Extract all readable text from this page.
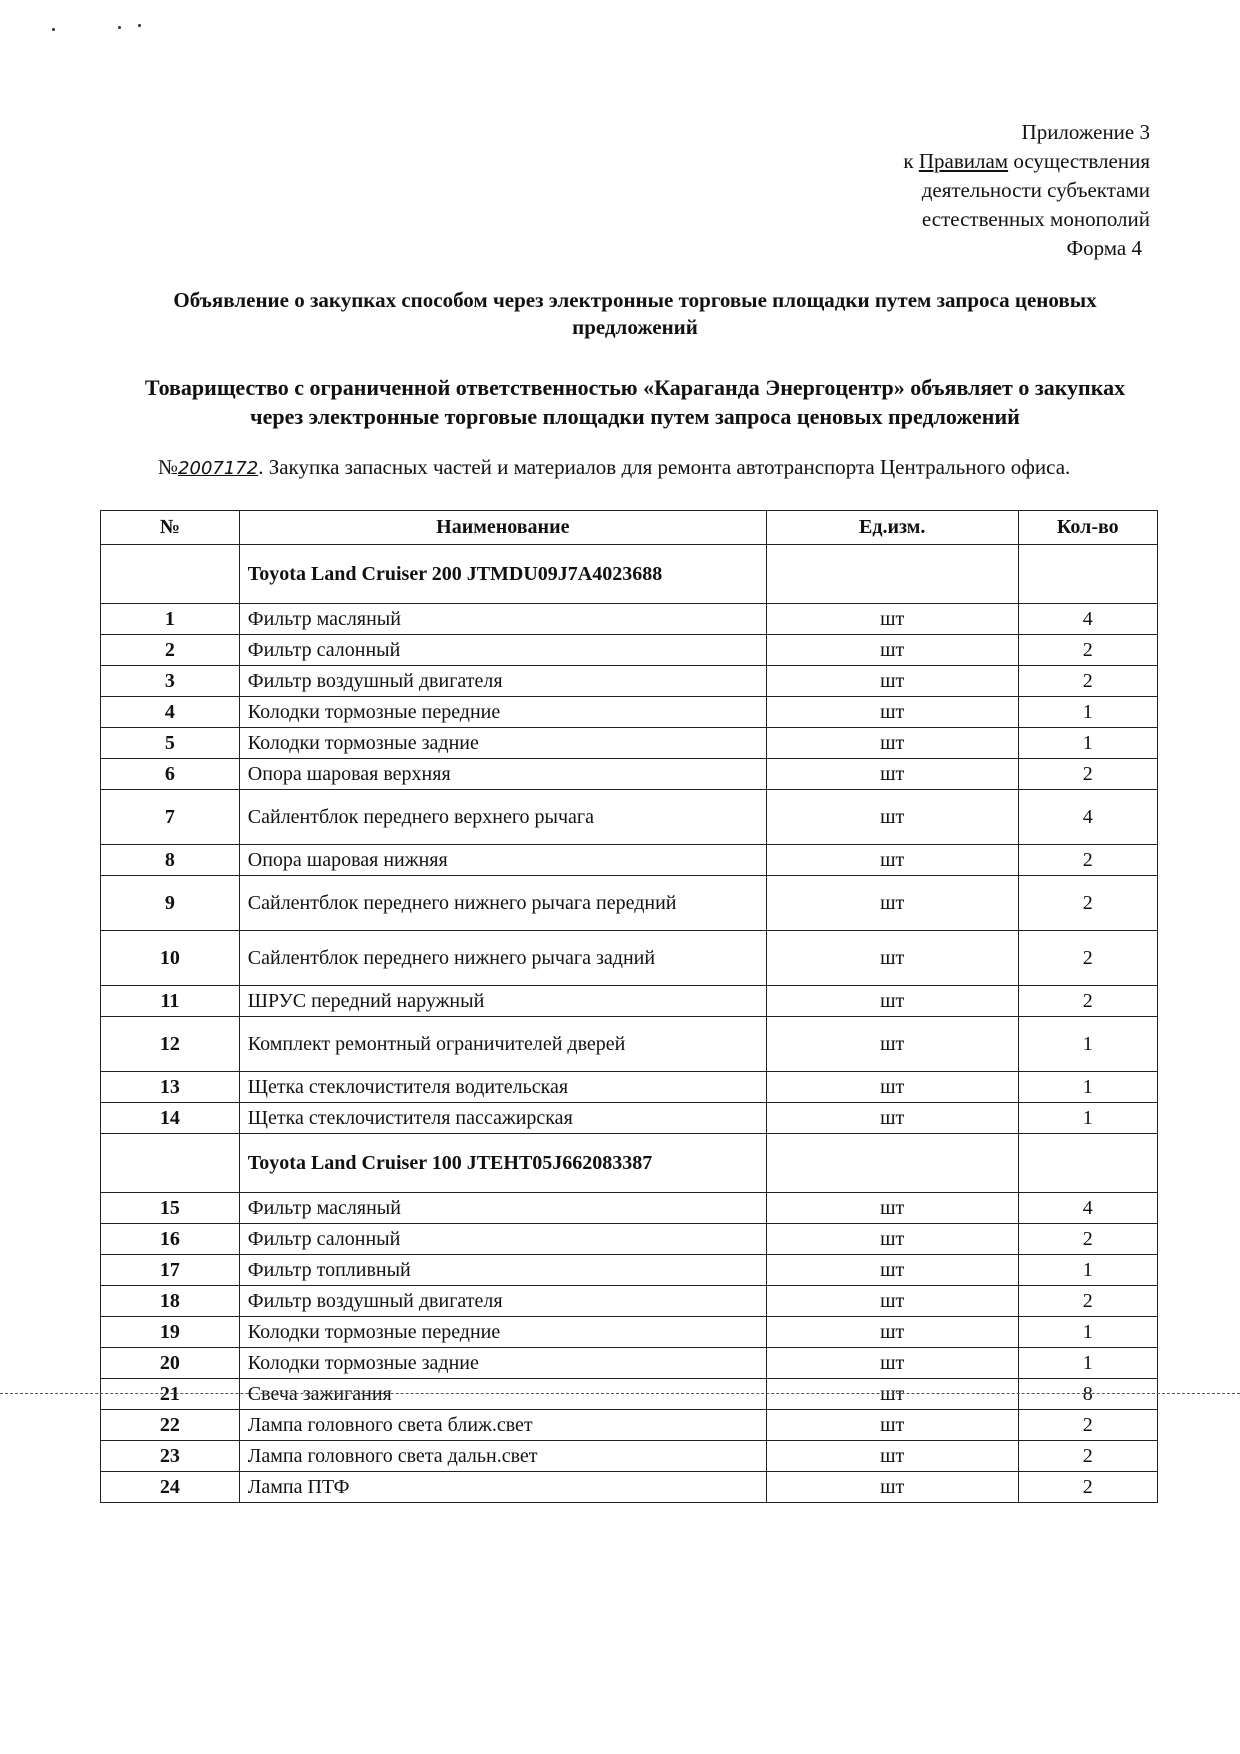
Приложение 3
к Правилам осуществления
деятельности субъектами
естественных монополий
Форма 4
Объявление о закупках способом через электронные торговые площадки путем запроса ценовых предложений
Товарищество с ограниченной ответственностью «Караганда Энергоцентр» объявляет о закупках через электронные торговые площадки путем запроса ценовых предложений
№2007172. Закупка запасных частей и материалов для ремонта автотранспорта Центрального офиса.
№	Наименование	Ед.изм.	Кол-во
	Toyota Land Cruiser 200 JTMDU09J7A4023688		
1	Фильтр масляный	шт	4
2	Фильтр салонный	шт	2
3	Фильтр воздушный двигателя	шт	2
4	Колодки тормозные передние	шт	1
5	Колодки тормозные задние	шт	1
6	Опора шаровая верхняя	шт	2
7	Сайлентблок переднего верхнего рычага	шт	4
8	Опора шаровая нижняя	шт	2
9	Сайлентблок переднего нижнего рычага передний	шт	2
10	Сайлентблок переднего нижнего рычага задний	шт	2
11	ШРУС передний наружный	шт	2
12	Комплект ремонтный ограничителей дверей	шт	1
13	Щетка стеклочистителя водительская	шт	1
14	Щетка стеклочистителя пассажирская	шт	1
	Toyota Land Cruiser 100 JTEHT05J662083387		
15	Фильтр масляный	шт	4
16	Фильтр салонный	шт	2
17	Фильтр топливный	шт	1
18	Фильтр воздушный двигателя	шт	2
19	Колодки тормозные передние	шт	1
20	Колодки тормозные задние	шт	1
21	Свеча зажигания	шт	8
22	Лампа головного света ближ.свет	шт	2
23	Лампа головного света дальн.свет	шт	2
24	Лампа ПТФ	шт	2
